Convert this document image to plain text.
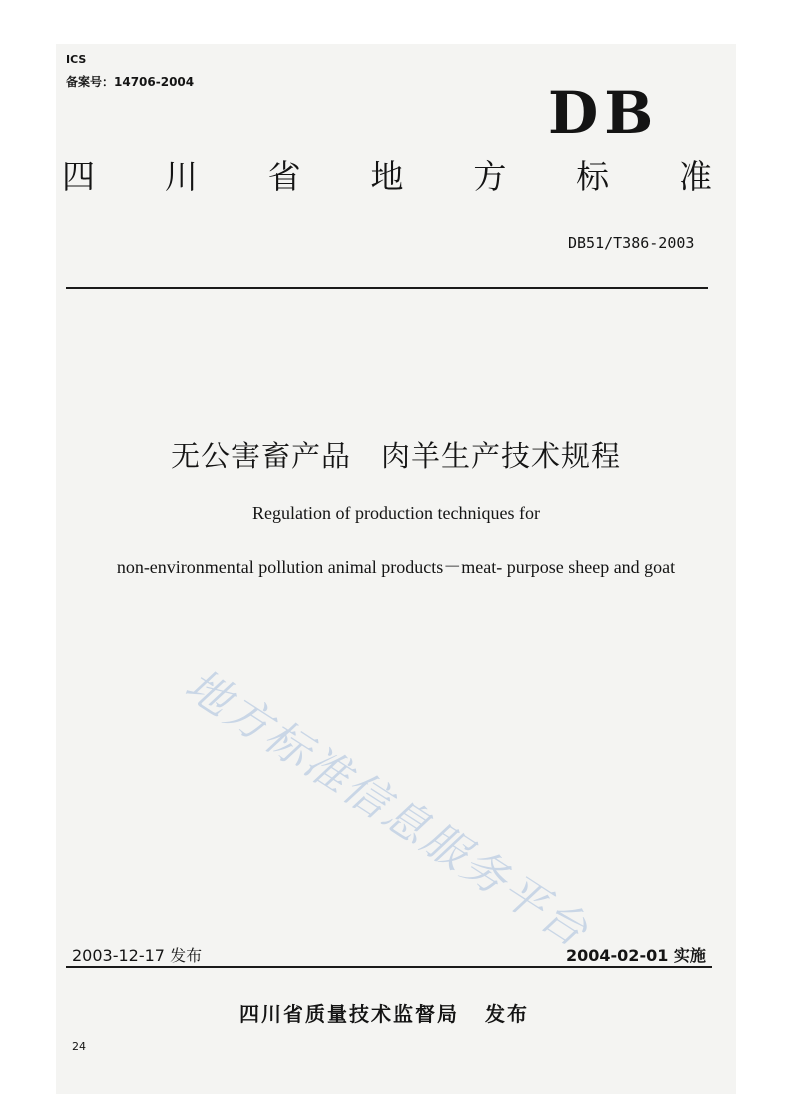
ICS
备案号：14706-2004	DB
四 川 省 地 方 标 准
DB51/T386-2003
无公害畜产品　肉羊生产技术规程
Regulation of production techniques for
non-environmental pollution animal products－meat- purpose sheep and goat
地方标准信息服务平台
2003-12-17 发布	2004-02-01 实施
四川省质量技术监督局 发布
24
